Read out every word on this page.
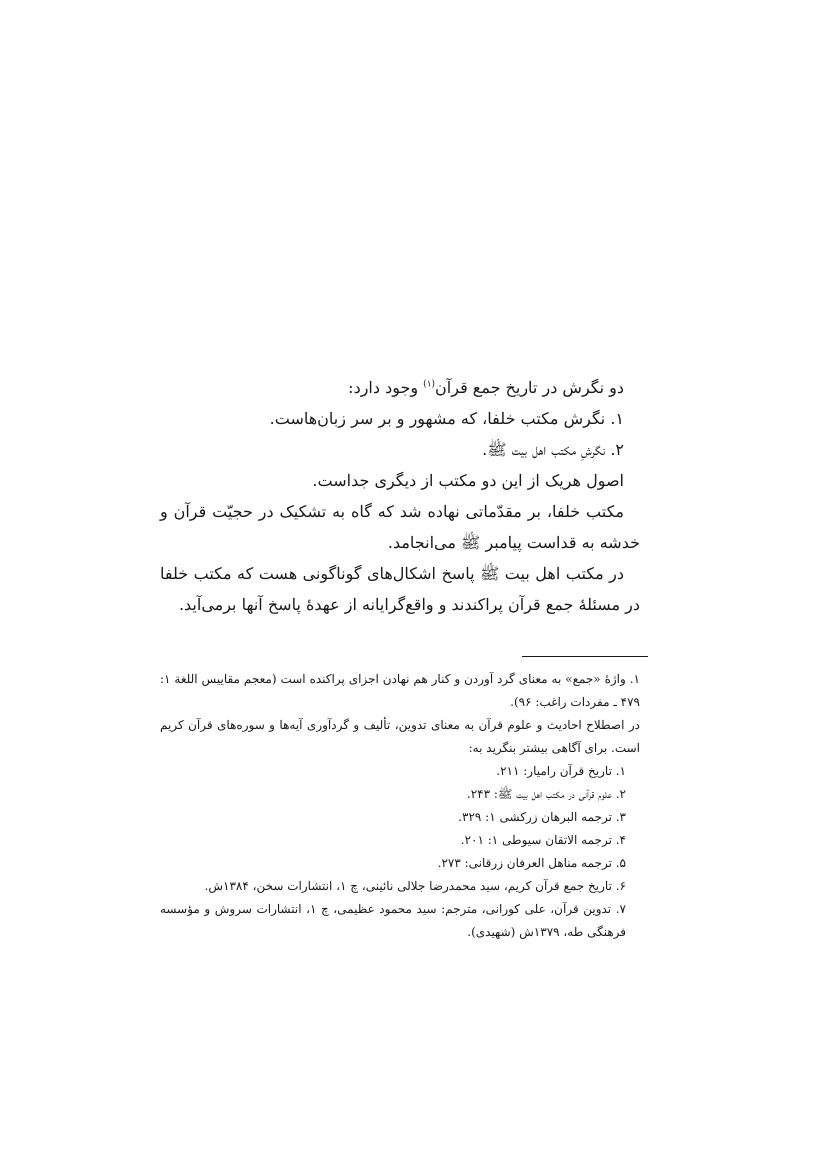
دو نگرش در تاریخ جمع قرآن$^{(۱)}$ وجود دارد:

۱. نگرش مکتب خلفا، که مشهور و بر سر زبان‌هاست.

۲. نگرشِ مکتب اهل بیت ﷺ.

اصول هریک از این دو مکتب از دیگری جداست.

مکتب خلفا، بر مقدّماتی نهاده شد که گاه به تشکیک در حجیّت قرآن و خدشه به قداست پیامبر ﷺ می‌انجامد.

در مکتب اهل بیت ﷺ پاسخ اشکال‌های گوناگونی هست که مکتب خلفا در مسئلهٔ جمع قرآن پراکندند و واقع‌گرایانه از عهدهٔ پاسخ آنها برمی‌آید.

۱. واژهٔ «جمع» به معنای گرد آوردن و کنار هم نهادن اجزای پراکنده است (معجم مقاییس اللغة ۱: ۴۷۹ ـ مفردات راغب: ۹۶).

در اصطلاح احادیث و علوم قرآن به معنای تدوین، تألیف و گردآوری آیه‌ها و سوره‌های قرآن کریم است. برای آگاهی بیشتر بنگرید به:

۱. تاریخ قرآن رامیار: ۲۱۱.

۲. علوم قرآنی در مکتب اهل بیت ﷺ: ۲۴۳.

۳. ترجمه البرهان زرکشی ۱: ۳۲۹.

۴. ترجمه الاتقان سیوطی ۱: ۲۰۱.

۵. ترجمه مناهل العرفان زرقانی: ۲۷۳.

۶. تاریخ جمع قرآن کریم، سید محمدرضا جلالی نائینی، چ ۱، انتشارات سخن، ۱۳۸۴ش.

۷. تدوین قرآن، علی کورانی، مترجم: سید محمود عظیمی، چ ۱، انتشارات سروش و مؤسسه فرهنگی طه، ۱۳۷۹ش (شهیدی).
